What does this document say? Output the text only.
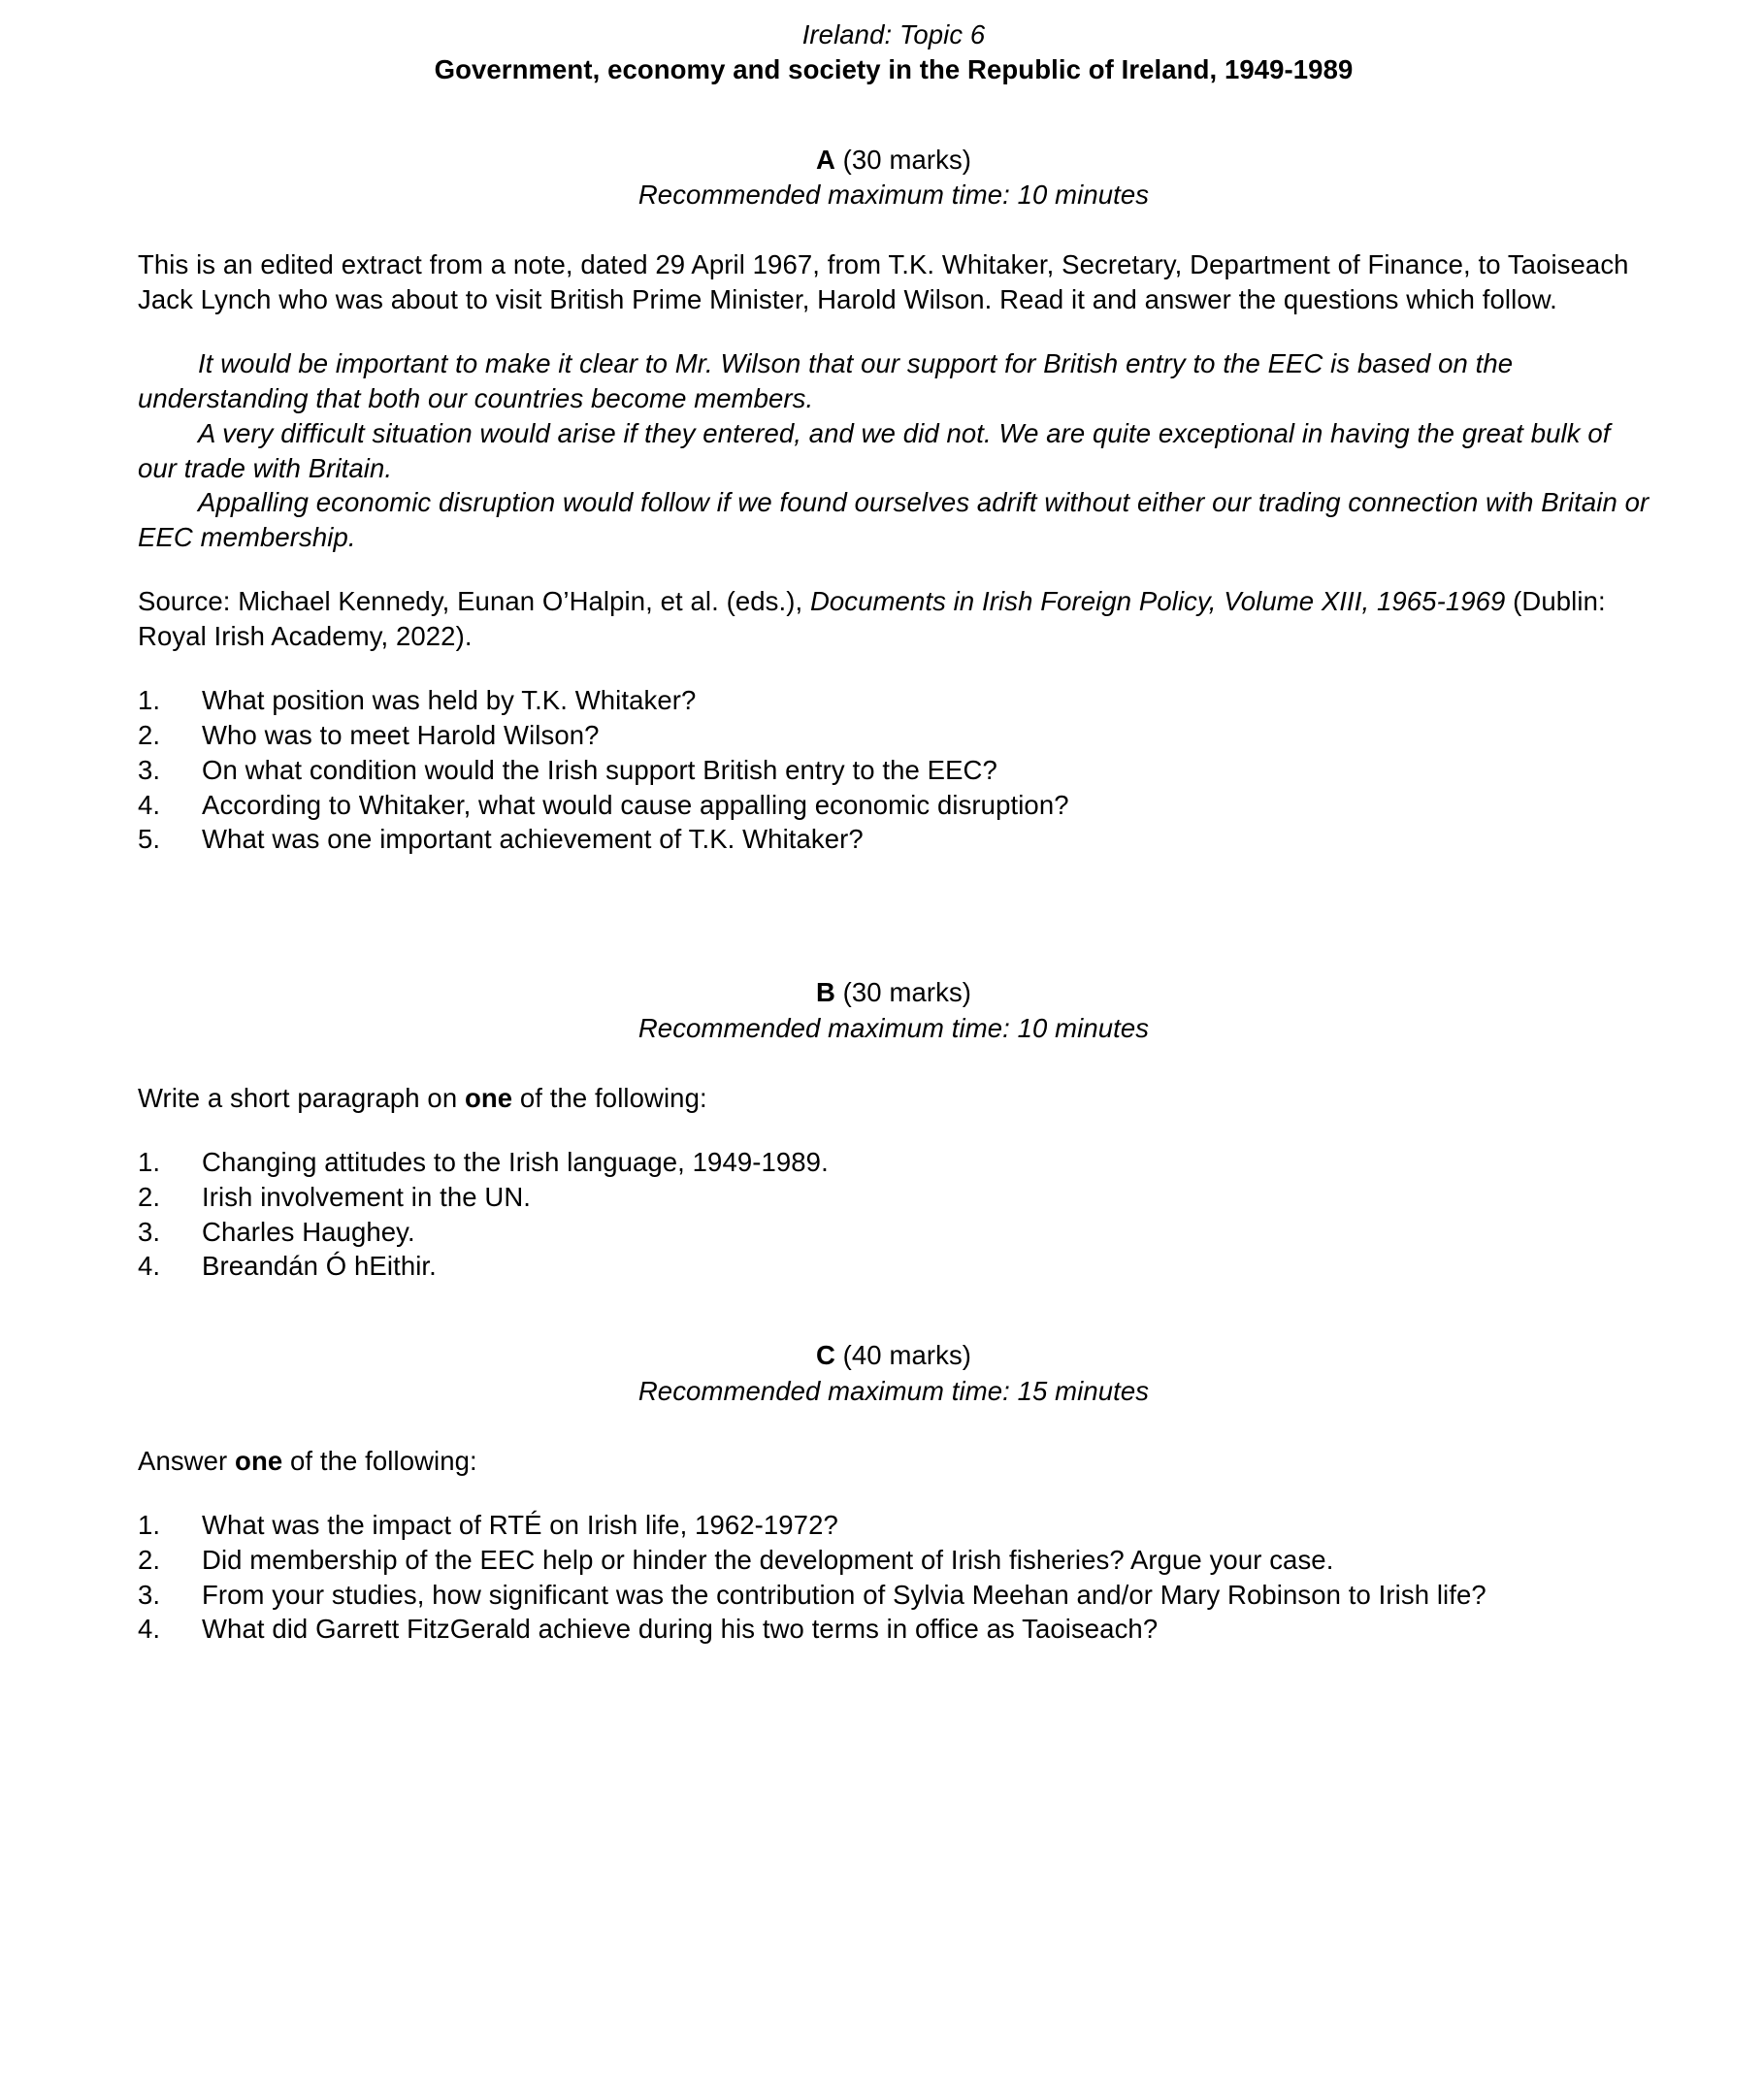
Ireland: Topic 6
Government, economy and society in the Republic of Ireland, 1949-1989
A (30 marks)
Recommended maximum time: 10 minutes
This is an edited extract from a note, dated 29 April 1967, from T.K. Whitaker, Secretary, Department of Finance, to Taoiseach Jack Lynch who was about to visit British Prime Minister, Harold Wilson. Read it and answer the questions which follow.
It would be important to make it clear to Mr. Wilson that our support for British entry to the EEC is based on the understanding that both our countries become members.
A very difficult situation would arise if they entered, and we did not. We are quite exceptional in having the great bulk of our trade with Britain.
Appalling economic disruption would follow if we found ourselves adrift without either our trading connection with Britain or EEC membership.
Source: Michael Kennedy, Eunan O’Halpin, et al. (eds.), Documents in Irish Foreign Policy, Volume XIII, 1965-1969 (Dublin: Royal Irish Academy, 2022).
1.	What position was held by T.K. Whitaker?
2.	Who was to meet Harold Wilson?
3.	On what condition would the Irish support British entry to the EEC?
4.	According to Whitaker, what would cause appalling economic disruption?
5.	What was one important achievement of T.K. Whitaker?
B (30 marks)
Recommended maximum time: 10 minutes
Write a short paragraph on one of the following:
1.	Changing attitudes to the Irish language, 1949-1989.
2.	Irish involvement in the UN.
3.	Charles Haughey.
4.	Breandán Ó hEithir.
C (40 marks)
Recommended maximum time: 15 minutes
Answer one of the following:
1.	What was the impact of RTÉ on Irish life, 1962-1972?
2.	Did membership of the EEC help or hinder the development of Irish fisheries? Argue your case.
3.	From your studies, how significant was the contribution of Sylvia Meehan and/or Mary Robinson to Irish life?
4.	What did Garrett FitzGerald achieve during his two terms in office as Taoiseach?
